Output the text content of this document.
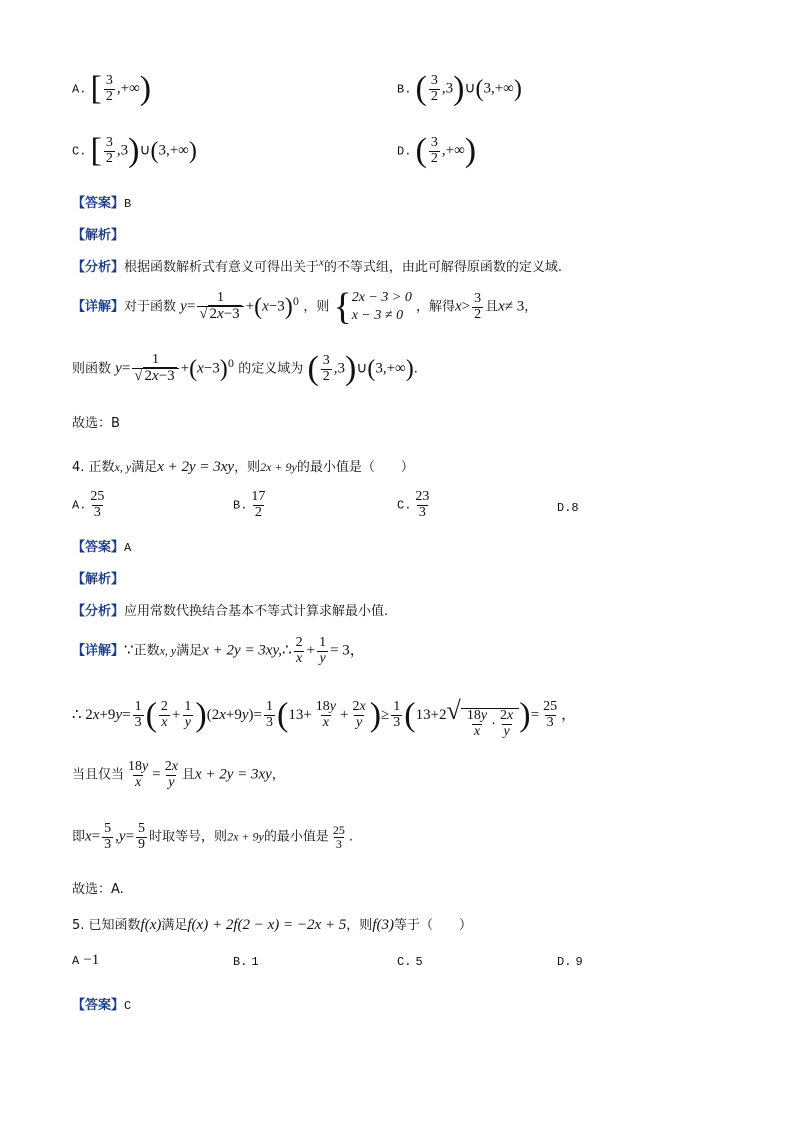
A. [ $\frac{3}{2}$ ,+∞)	B. ( $\frac{3}{2}$ ,3)∪(3,+∞)
C. [ $\frac{3}{2}$ ,3)∪(3,+∞)	D. ( $\frac{3}{2}$ ,+∞)
【答案】B
【解析】
【分析】根据函数解析式有意义可得出关于$^x$的不等式组，由此可解得原函数的定义域.
【详解】对于函数 $y= \frac{1}{√ 2x-3} +(x-3)^0$ ，则 { 2x − 3 > 0
x − 3 ≠ 0
，解得$x> \frac{3}{2}$ 且x≠ 3，
则函数 $y= \frac{1}{√ 2x-3} +(x-3)^0$ 的定义域为 ( $\frac{3}{2}$ ,3)∪(3,+∞).
故选：B
4. 正数x, y满足x + 2y = 3xy，则2x + 9y的最小值是（　　）
A. $\frac{25}{3}$	B. $\frac{17}{2}$	C. $\frac{23}{3}$	D.8
【答案】A
【解析】
【分析】应用常数代换结合基本不等式计算求解最小值.
【详解】∵正数x, y满足x + 2y = 3xy,∴ $\frac{2}{x} + \frac{1}{y} = 3$，
∴ $2x+9y= \frac{1}{3}$ ( $\frac{2}{x} + \frac{1}{y} )(2x+9y)= \frac{1}{3} (13+ \frac{18y}{x} + \frac{2x}{y}$ )≥ $\frac{1}{3} (13+2√ \frac{18y}{x} \cdot \frac{2x}{y}$ )= $\frac{25}{3}$ ，
当且仅当 $\frac{18y}{x} = \frac{2x}{y}$ 且x + 2y = 3xy，
即$x= \frac{5}{3} ,y= \frac{5}{9}$ 时取等号，则2x + 9y的最小值是 $\frac{25}{3}$ .
故选：A.
5. 已知函数f(x)满足f(x) + 2f(2 − x) = −2x + 5，则f(3)等于（　　）
A −1	B. 1	C. 5	D. 9
【答案】C
